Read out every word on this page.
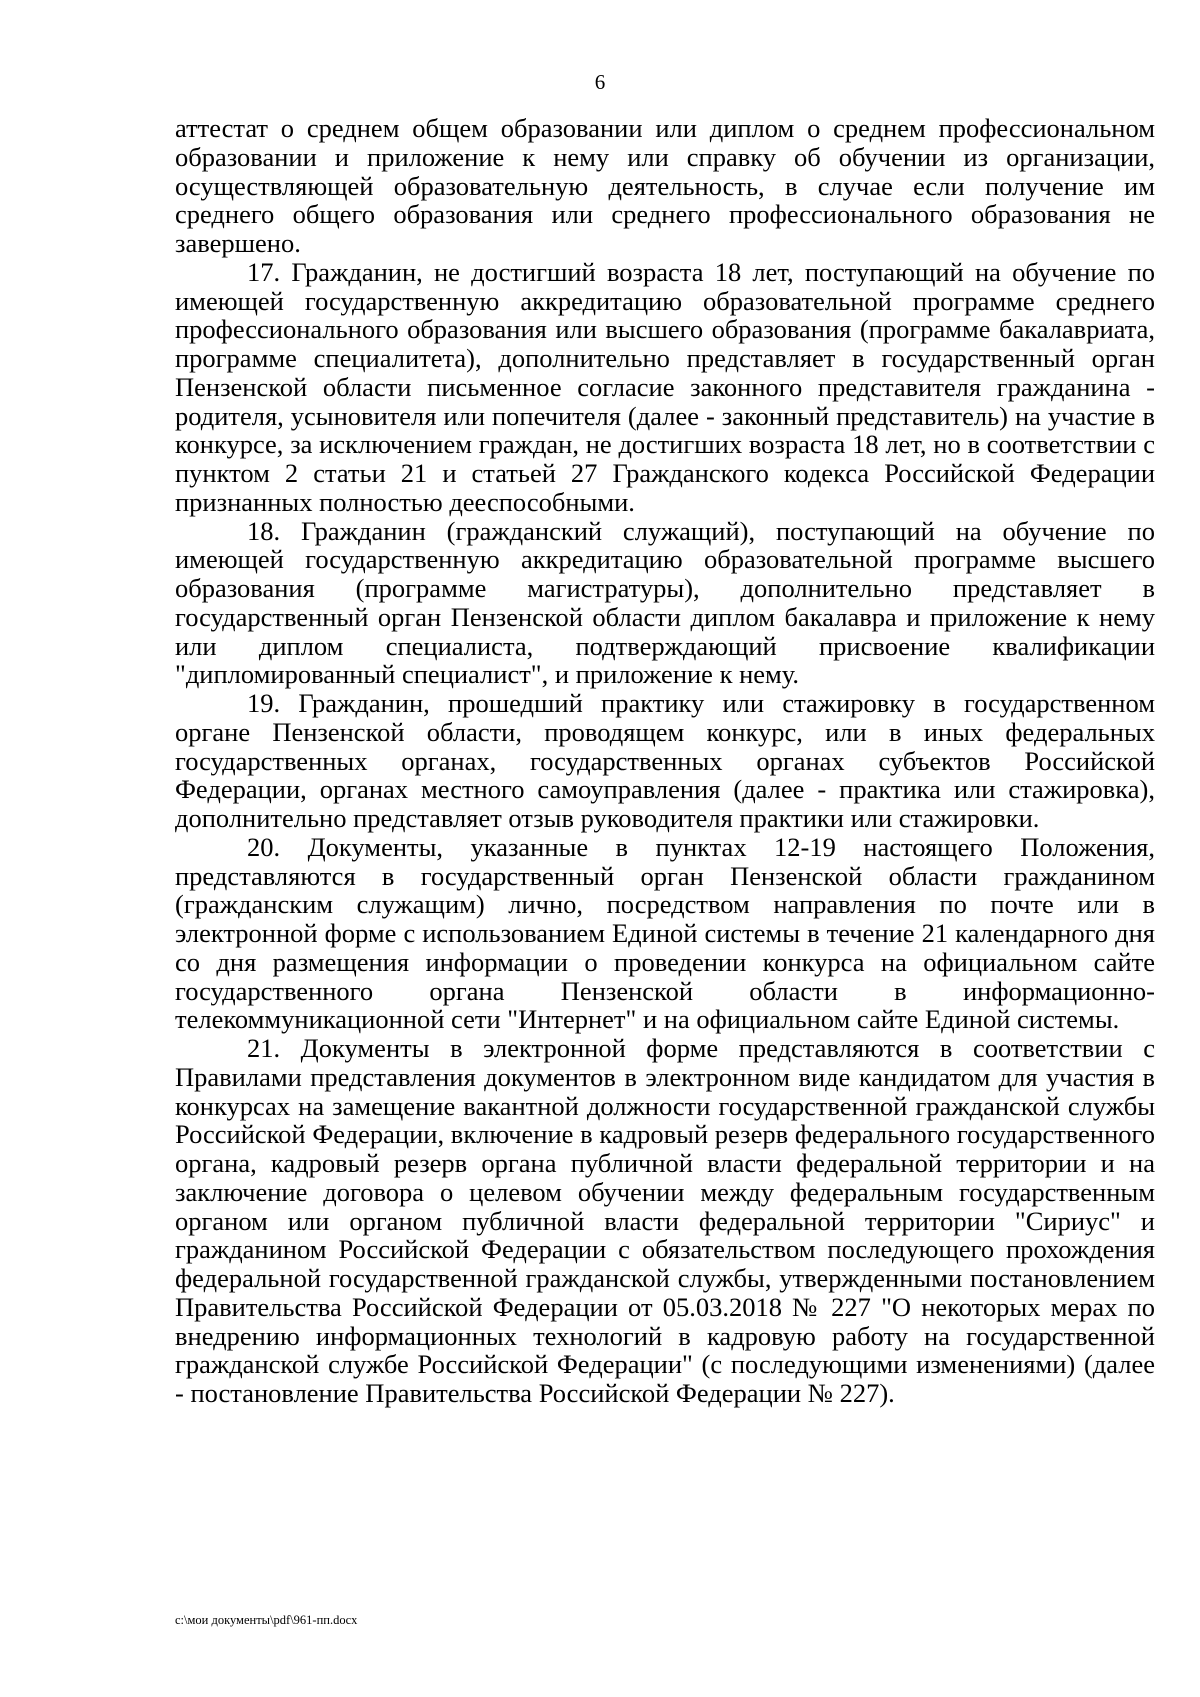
6

аттестат о среднем общем образовании или диплом о среднем профессиональном образовании и приложение к нему или справку об обучении из организации, осуществляющей образовательную деятельность, в случае если получение им среднего общего образования или среднего профессионального образования не завершено.

17. Гражданин, не достигший возраста 18 лет, поступающий на обучение по имеющей государственную аккредитацию образовательной программе среднего профессионального образования или высшего образования (программе бакалавриата, программе специалитета), дополнительно представляет в государственный орган Пензенской области письменное согласие законного представителя гражданина - родителя, усыновителя или попечителя (далее - законный представитель) на участие в конкурсе, за исключением граждан, не достигших возраста 18 лет, но в соответствии с пунктом 2 статьи 21 и статьей 27 Гражданского кодекса Российской Федерации признанных полностью дееспособными.

18. Гражданин (гражданский служащий), поступающий на обучение по имеющей государственную аккредитацию образовательной программе высшего образования (программе магистратуры), дополнительно представляет в государственный орган Пензенской области диплом бакалавра и приложение к нему или диплом специалиста, подтверждающий присвоение квалификации "дипломированный специалист", и приложение к нему.

19. Гражданин, прошедший практику или стажировку в государственном органе Пензенской области, проводящем конкурс, или в иных федеральных государственных органах, государственных органах субъектов Российской Федерации, органах местного самоуправления (далее - практика или стажировка), дополнительно представляет отзыв руководителя практики или стажировки.

20. Документы, указанные в пунктах 12-19 настоящего Положения, представляются в государственный орган Пензенской области гражданином (гражданским служащим) лично, посредством направления по почте или в электронной форме с использованием Единой системы в течение 21 календарного дня со дня размещения информации о проведении конкурса на официальном сайте государственного органа Пензенской области в информационно-телекоммуникационной сети "Интернет" и на официальном сайте Единой системы.

21. Документы в электронной форме представляются в соответствии с Правилами представления документов в электронном виде кандидатом для участия в конкурсах на замещение вакантной должности государственной гражданской службы Российской Федерации, включение в кадровый резерв федерального государственного органа, кадровый резерв органа публичной власти федеральной территории и на заключение договора о целевом обучении между федеральным государственным органом или органом публичной власти федеральной территории "Сириус" и гражданином Российской Федерации с обязательством последующего прохождения федеральной государственной гражданской службы, утвержденными постановлением Правительства Российской Федерации от 05.03.2018 № 227 "О некоторых мерах по внедрению информационных технологий в кадровую работу на государственной гражданской службе Российской Федерации" (с последующими изменениями) (далее - постановление Правительства Российской Федерации № 227).

c:\мои документы\pdf\961-пп.docx
